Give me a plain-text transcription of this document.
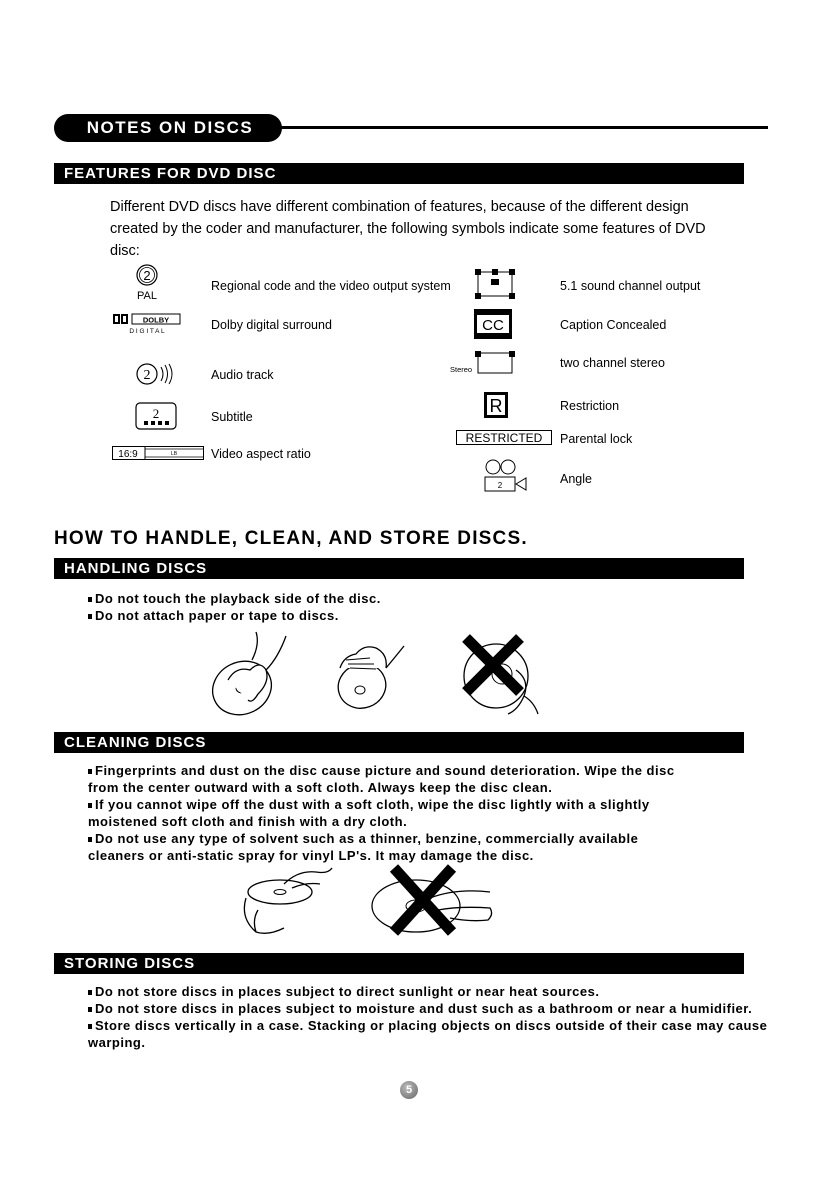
NOTES ON DISCS
FEATURES FOR DVD DISC
Different DVD discs have different combination of features, because of the different design created by the coder and manufacturer, the following symbols indicate some features of DVD disc:
2
PAL
DOLBY
D I G I T A L
2
2
16:9	LB
Regional code and the video output system
Dolby digital surround
Audio track
Subtitle
Video aspect ratio
CC
Stereo
R
RESTRICTED
2
5.1 sound channel output
Caption Concealed
two channel stereo
Restriction
Parental lock
Angle
HOW TO HANDLE, CLEAN, AND STORE DISCS.
HANDLING DISCS
Do not touch the playback side of the disc.
Do not attach paper or tape to discs.
CLEANING DISCS
Fingerprints and dust on the disc cause picture and sound deterioration. Wipe the disc from the center outward with a soft cloth. Always keep the disc clean.
If you cannot wipe off the dust with a soft cloth, wipe the disc lightly with a slightly moistened soft cloth and finish with a dry cloth.
Do not use any type of solvent such as a thinner, benzine, commercially available cleaners or anti-static spray for vinyl LP's. It may damage the disc.
STORING DISCS
Do not store discs in places subject to direct sunlight or near heat sources.
Do not store discs in places subject to moisture and dust such as a bathroom or near a humidifier.
Store discs vertically in a case. Stacking or placing objects on discs outside of their case may cause warping.
5
